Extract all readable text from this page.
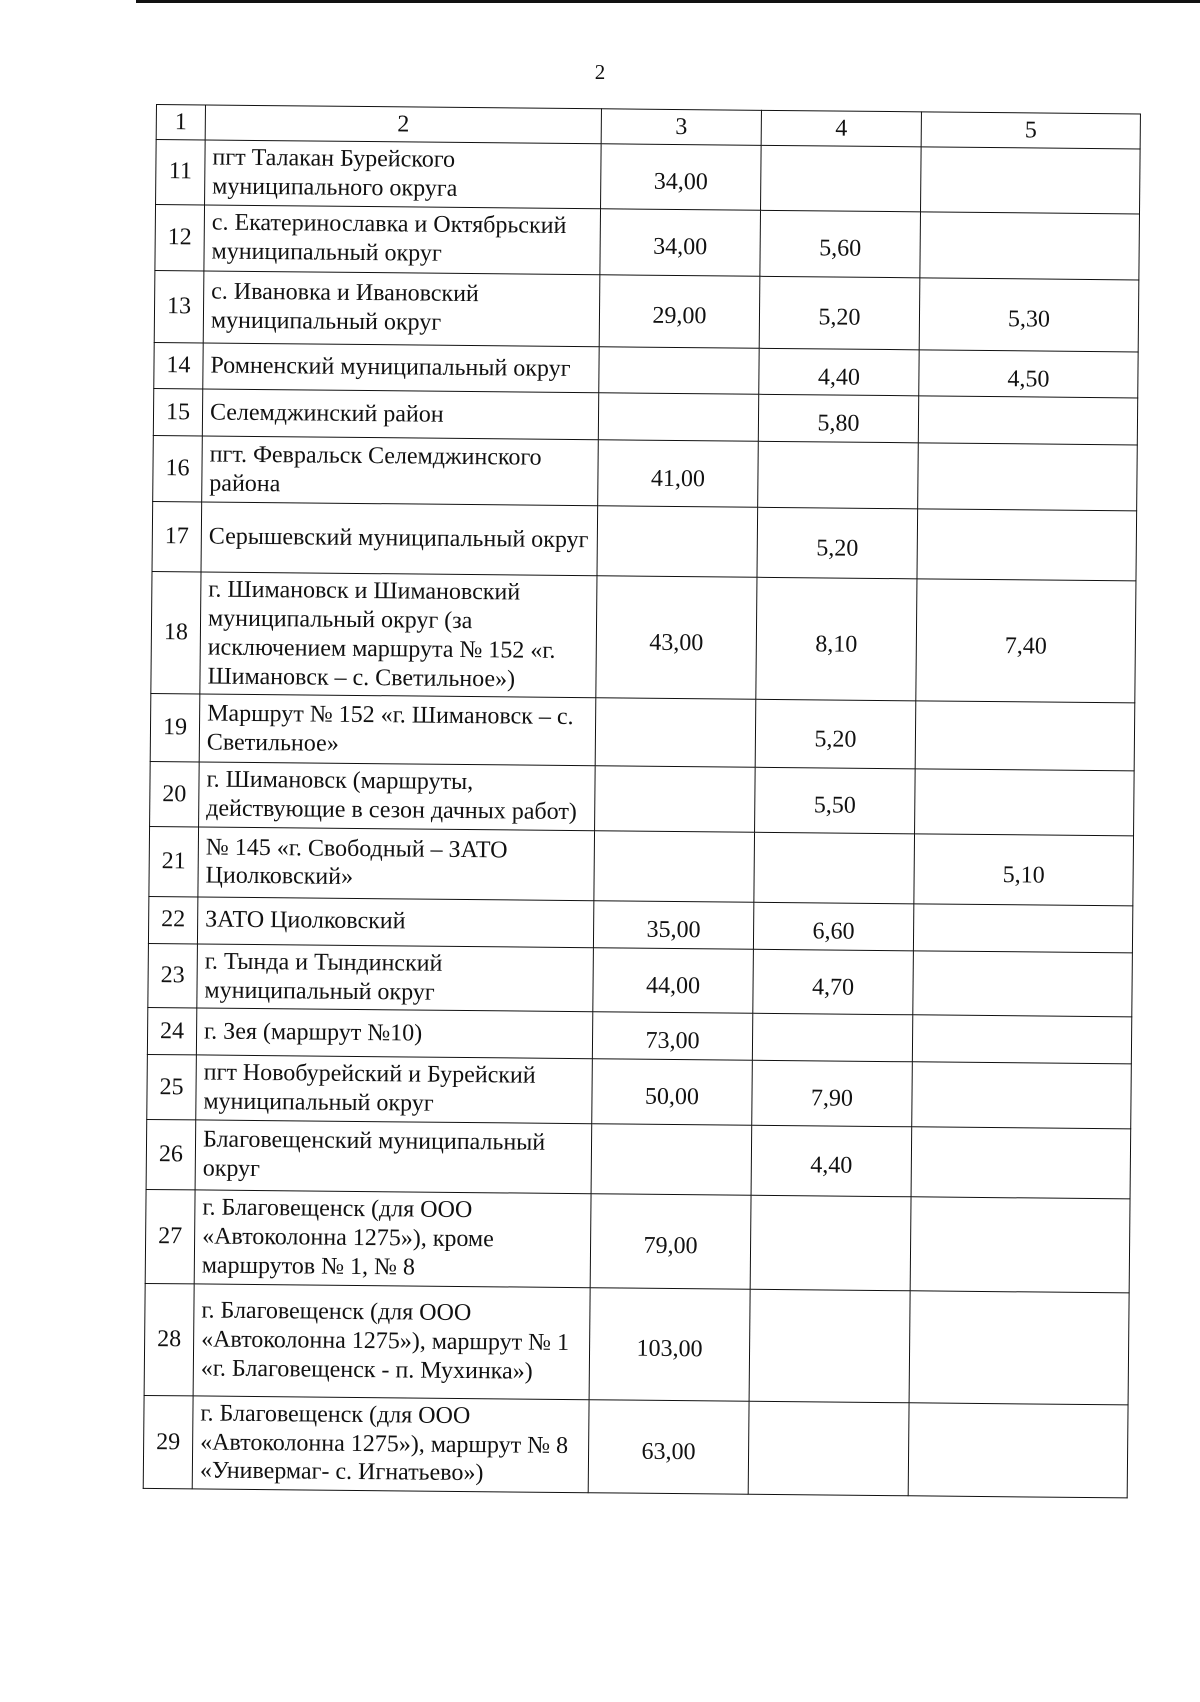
2
1	2	3	4	5
11	пгт Талакан Бурейского муниципального округа	34,00		
12	с. Екатеринославка и Октябрьский муниципальный округ	34,00	5,60	
13	с. Ивановка и Ивановский муниципальный округ	29,00	5,20	5,30
14	Ромненский муниципальный округ		4,40	4,50
15	Селемджинский район		5,80	
16	пгт. Февральск Селемджинского района	41,00		
17	Серышевский муниципальный округ		5,20	
18	г. Шимановск и Шимановский муниципальный округ (за исключением маршрута № 152 «г. Шимановск – с. Светильное»)	43,00	8,10	7,40
19	Маршрут № 152 «г. Шимановск – с. Светильное»		5,20	
20	г. Шимановск (маршруты, действующие в сезон дачных работ)		5,50	
21	№ 145 «г. Свободный – ЗАТО Циолковский»			5,10
22	ЗАТО Циолковский	35,00	6,60	
23	г. Тында и Тындинский муниципальный округ	44,00	4,70	
24	г. Зея (маршрут №10)	73,00		
25	пгт Новобурейский и Бурейский муниципальный округ	50,00	7,90	
26	Благовещенский муниципальный округ		4,40	
27	г. Благовещенск (для ООО «Автоколонна 1275»), кроме маршрутов № 1, № 8	79,00		
28	г. Благовещенск (для ООО «Автоколонна 1275»), маршрут № 1 «г. Благовещенск - п. Мухинка»)	103,00		
29	г. Благовещенск (для ООО «Автоколонна 1275»), маршрут № 8 «Универмаг- с. Игнатьево»)	63,00		
